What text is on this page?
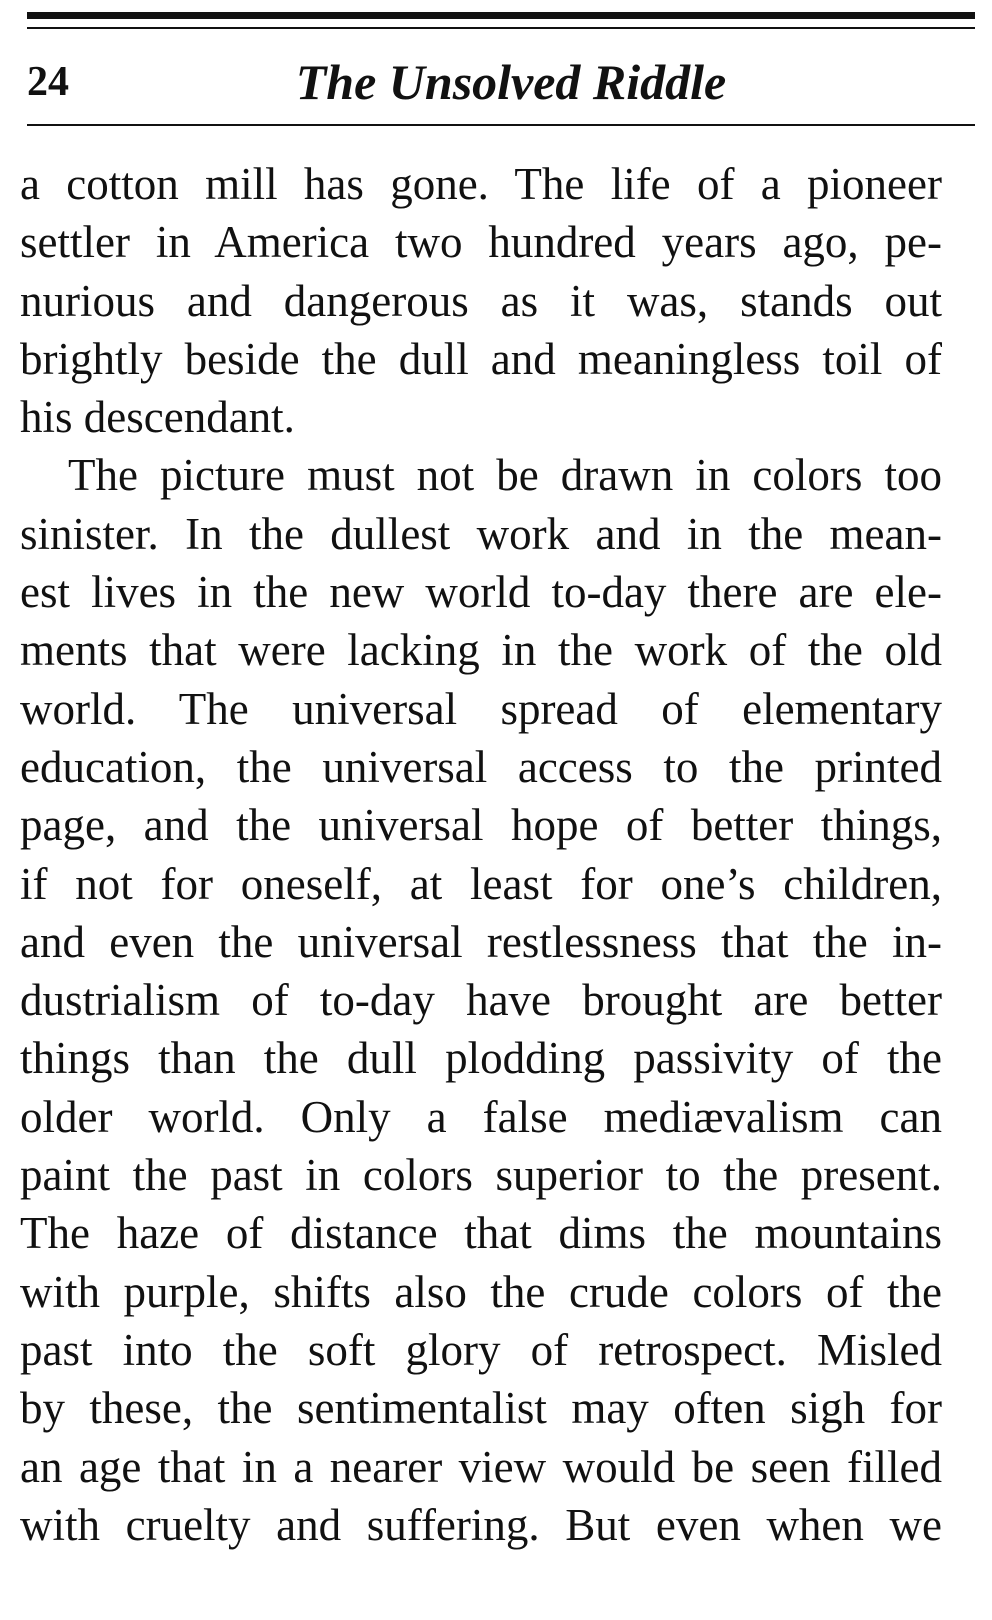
24	The Unsolved Riddle
a cotton mill has gone. The life of a pioneer
settler in America two hundred years ago, pe-
nurious and dangerous as it was, stands out
brightly beside the dull and meaningless toil of
his descendant.
The picture must not be drawn in colors too
sinister. In the dullest work and in the mean-
est lives in the new world to-day there are ele-
ments that were lacking in the work of the old
world. The universal spread of elementary
education, the universal access to the printed
page, and the universal hope of better things,
if not for oneself, at least for one’s children,
and even the universal restlessness that the in-
dustrialism of to-day have brought are better
things than the dull plodding passivity of the
older world. Only a false mediævalism can
paint the past in colors superior to the present.
The haze of distance that dims the mountains
with purple, shifts also the crude colors of the
past into the soft glory of retrospect. Misled
by these, the sentimentalist may often sigh for
an age that in a nearer view would be seen filled
with cruelty and suffering. But even when we
